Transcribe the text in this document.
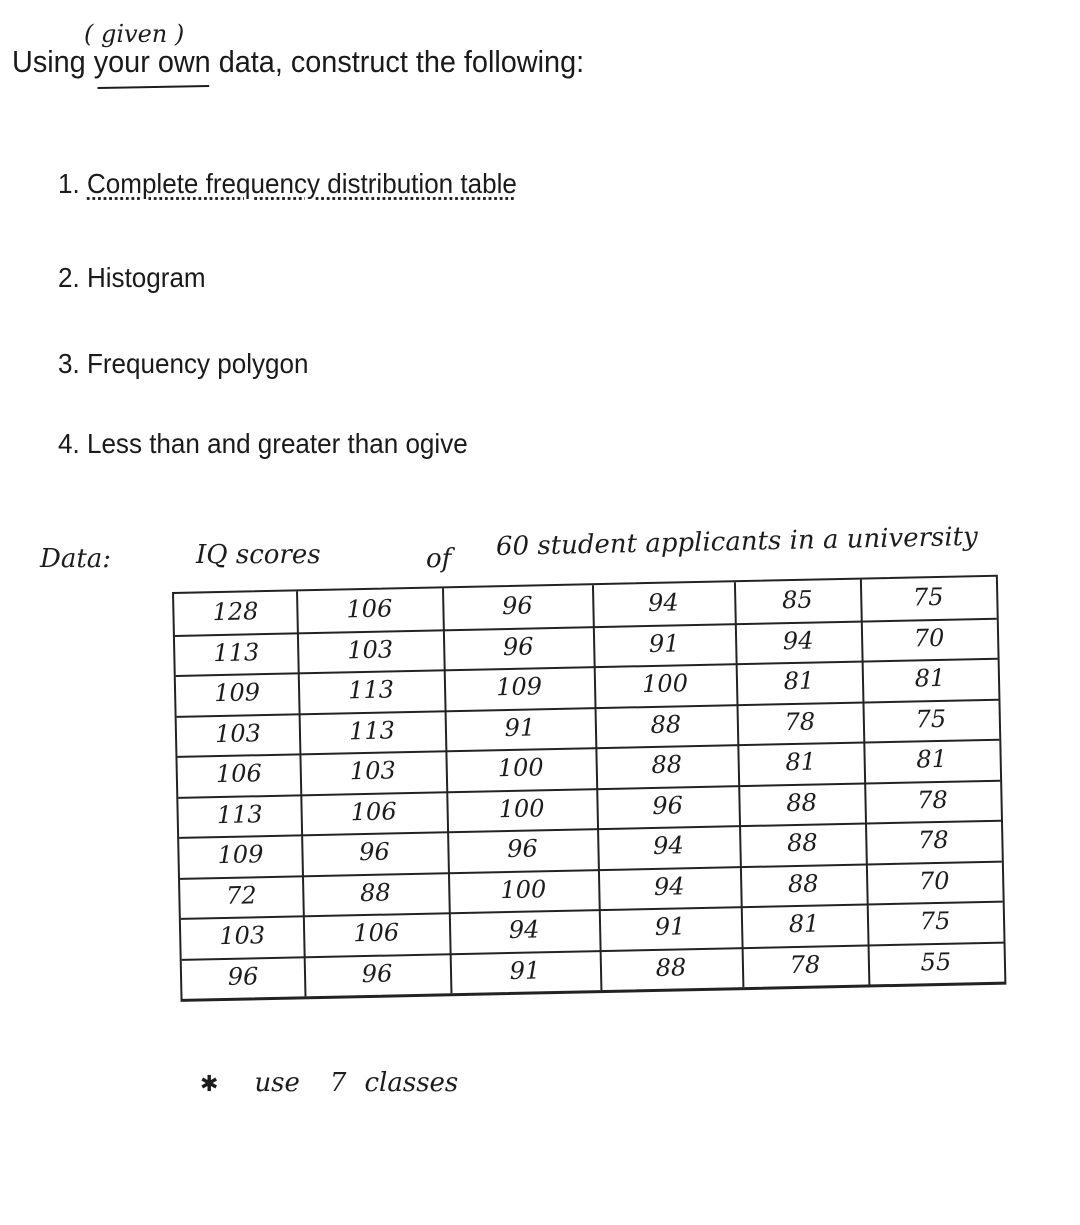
( given )
Using your own data, construct the following:
1. Complete frequency distribution table
2. Histogram
3. Frequency polygon
4. Less than and greater than ogive
Data:	IQ scores	of 60 student applicants in a university
128	106	96	94	85	75
113	103	96	91	94	70
109	113	109	100	81	81
103	113	91	88	78	75
106	103	100	88	81	81
113	106	100	96	88	78
109	96	96	94	88	78
72	88	100	94	88	70
103	106	94	91	81	75
96	96	91	88	78	55
✱ use 7 classes
